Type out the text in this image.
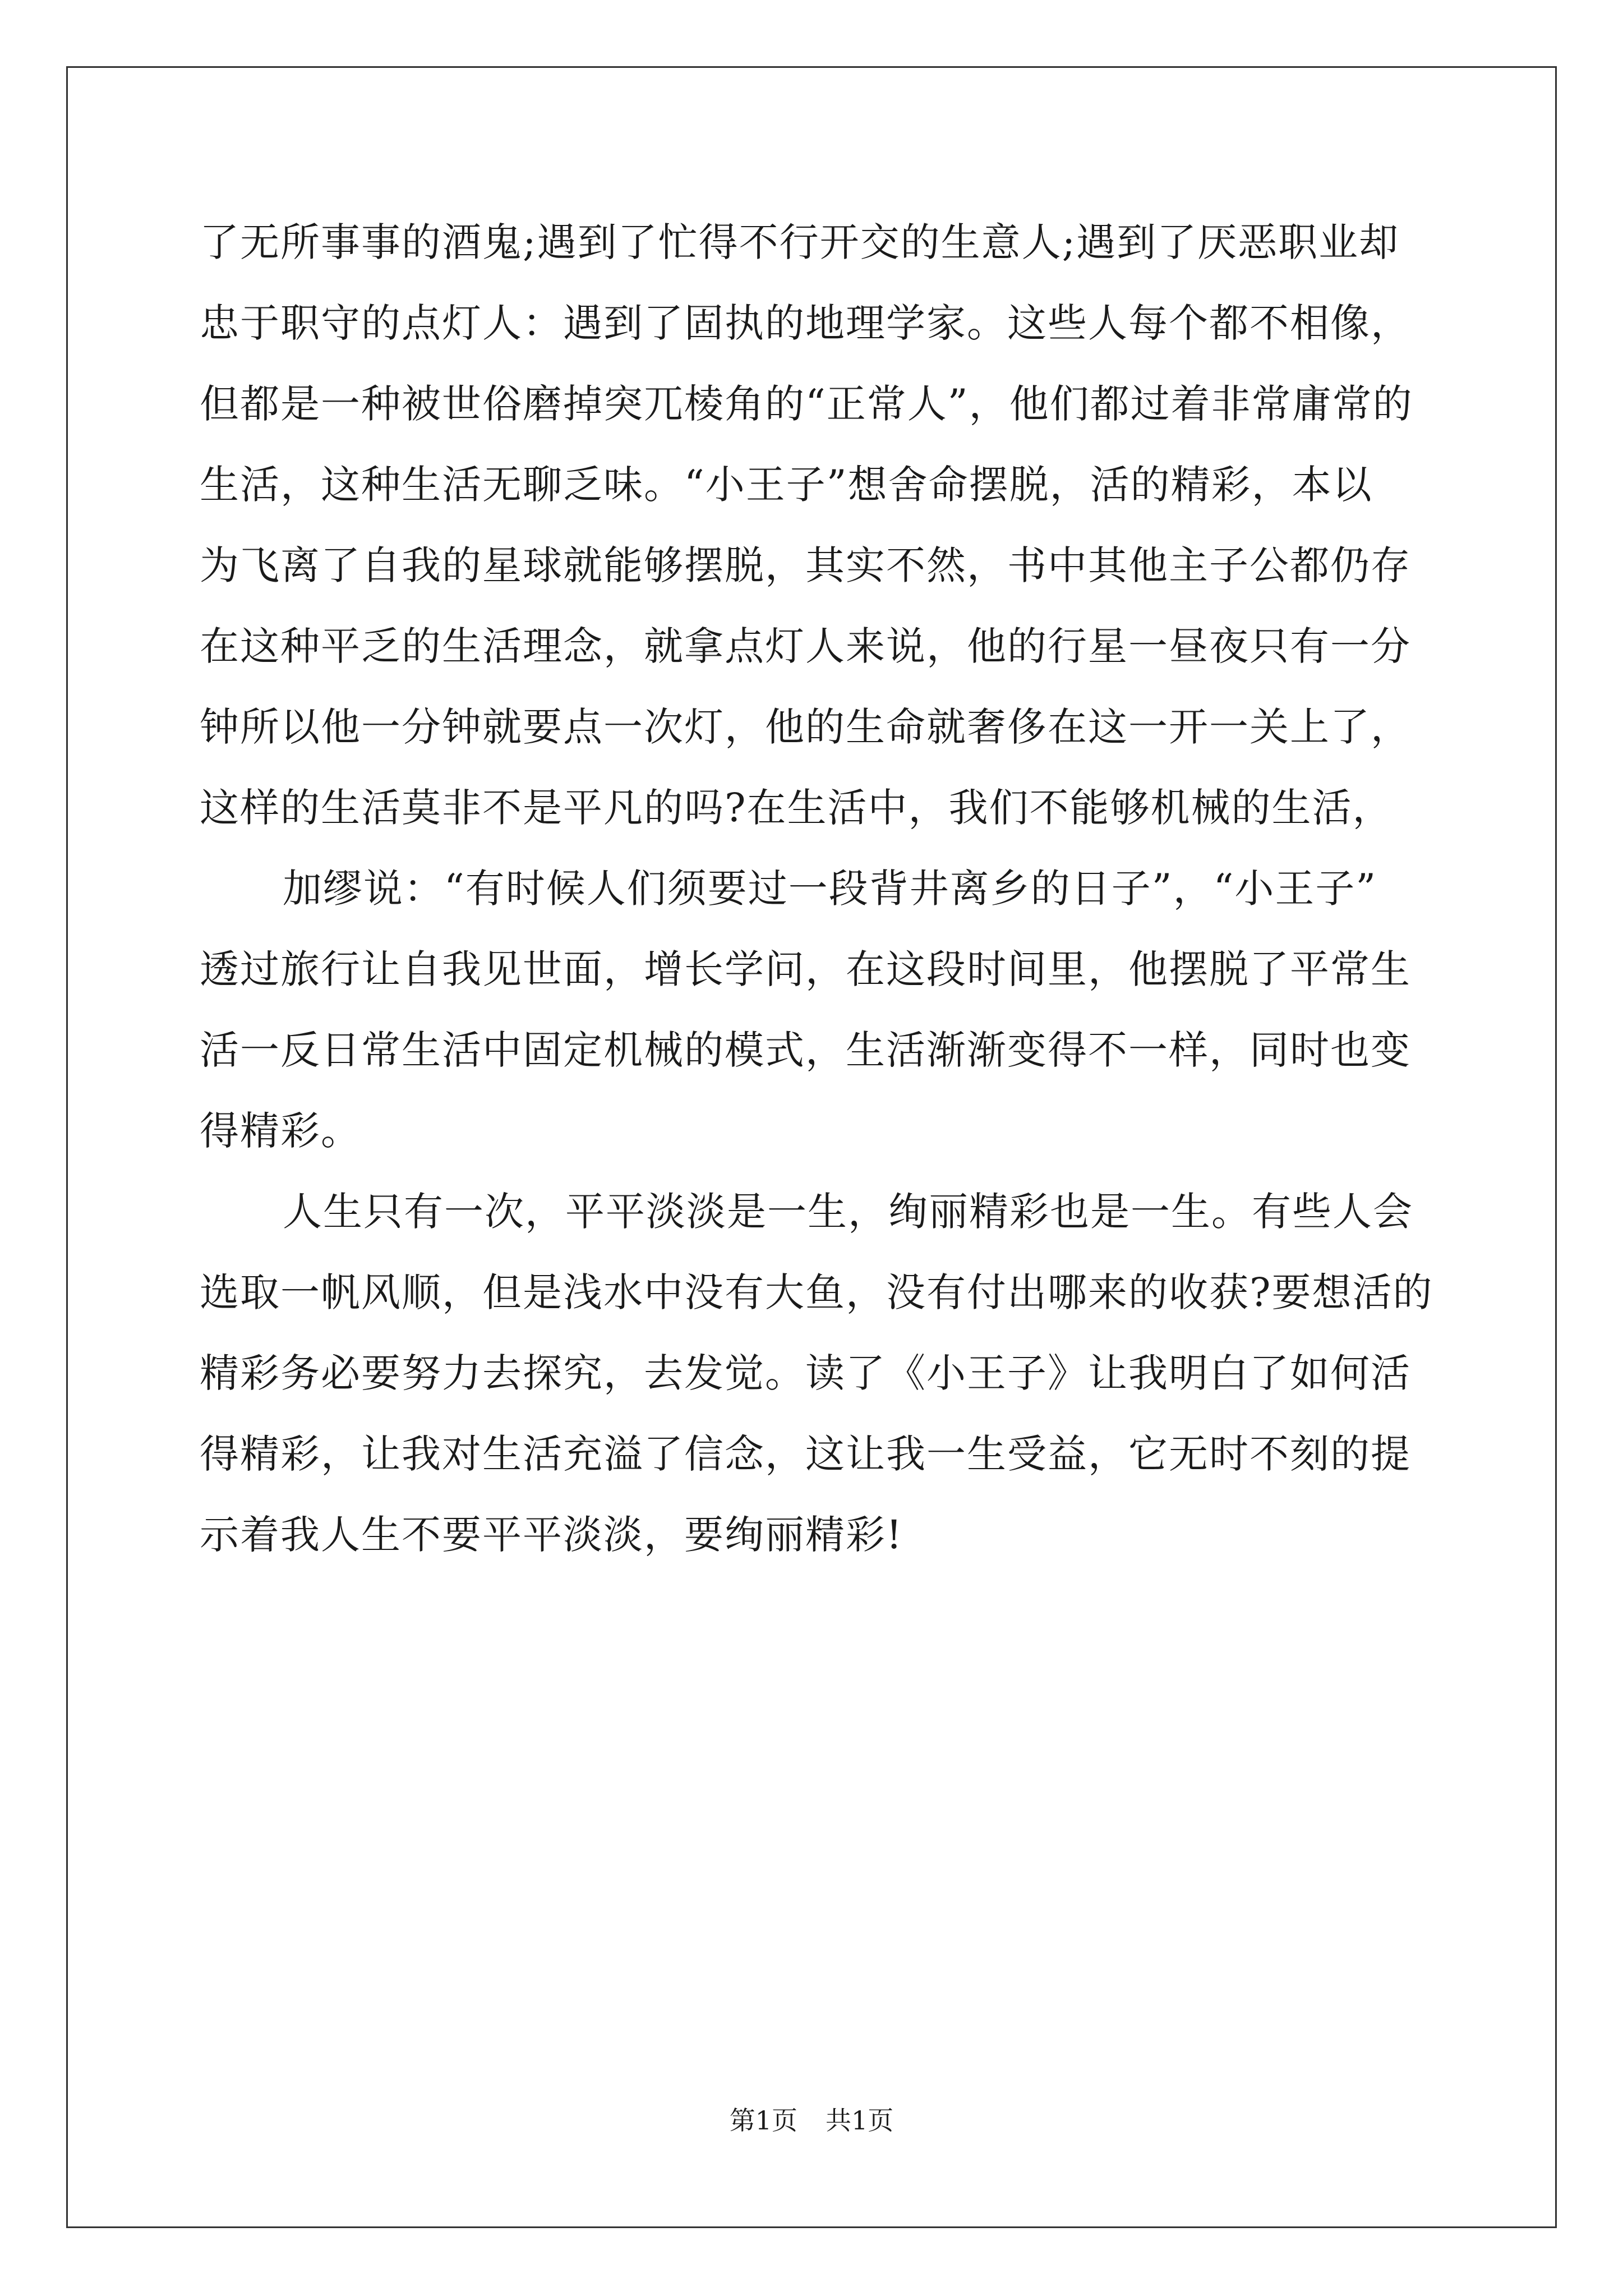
了无所事事的酒鬼;遇到了忙得不行开交的生意人;遇到了厌恶职业却
忠于职守的点灯人：遇到了固执的地理学家。这些人每个都不相像，
但都是一种被世俗磨掉突兀棱角的“正常人”，他们都过着非常庸常的
生活，这种生活无聊乏味。“小王子”想舍命摆脱，活的精彩，本以
为飞离了自我的星球就能够摆脱，其实不然，书中其他主子公都仍存
在这种平乏的生活理念，就拿点灯人来说，他的行星一昼夜只有一分
钟所以他一分钟就要点一次灯，他的生命就奢侈在这一开一关上了，
这样的生活莫非不是平凡的吗?在生活中，我们不能够机械的生活，
加缪说：“有时候人们须要过一段背井离乡的日子”，“小王子”
透过旅行让自我见世面，增长学问，在这段时间里，他摆脱了平常生
活一反日常生活中固定机械的模式，生活渐渐变得不一样，同时也变
得精彩。
人生只有一次，平平淡淡是一生，绚丽精彩也是一生。有些人会
选取一帆风顺，但是浅水中没有大鱼，没有付出哪来的收获?要想活的
精彩务必要努力去探究，去发觉。读了《小王子》让我明白了如何活
得精彩，让我对生活充溢了信念，这让我一生受益，它无时不刻的提
示着我人生不要平平淡淡，要绚丽精彩!
第1页 共1页
